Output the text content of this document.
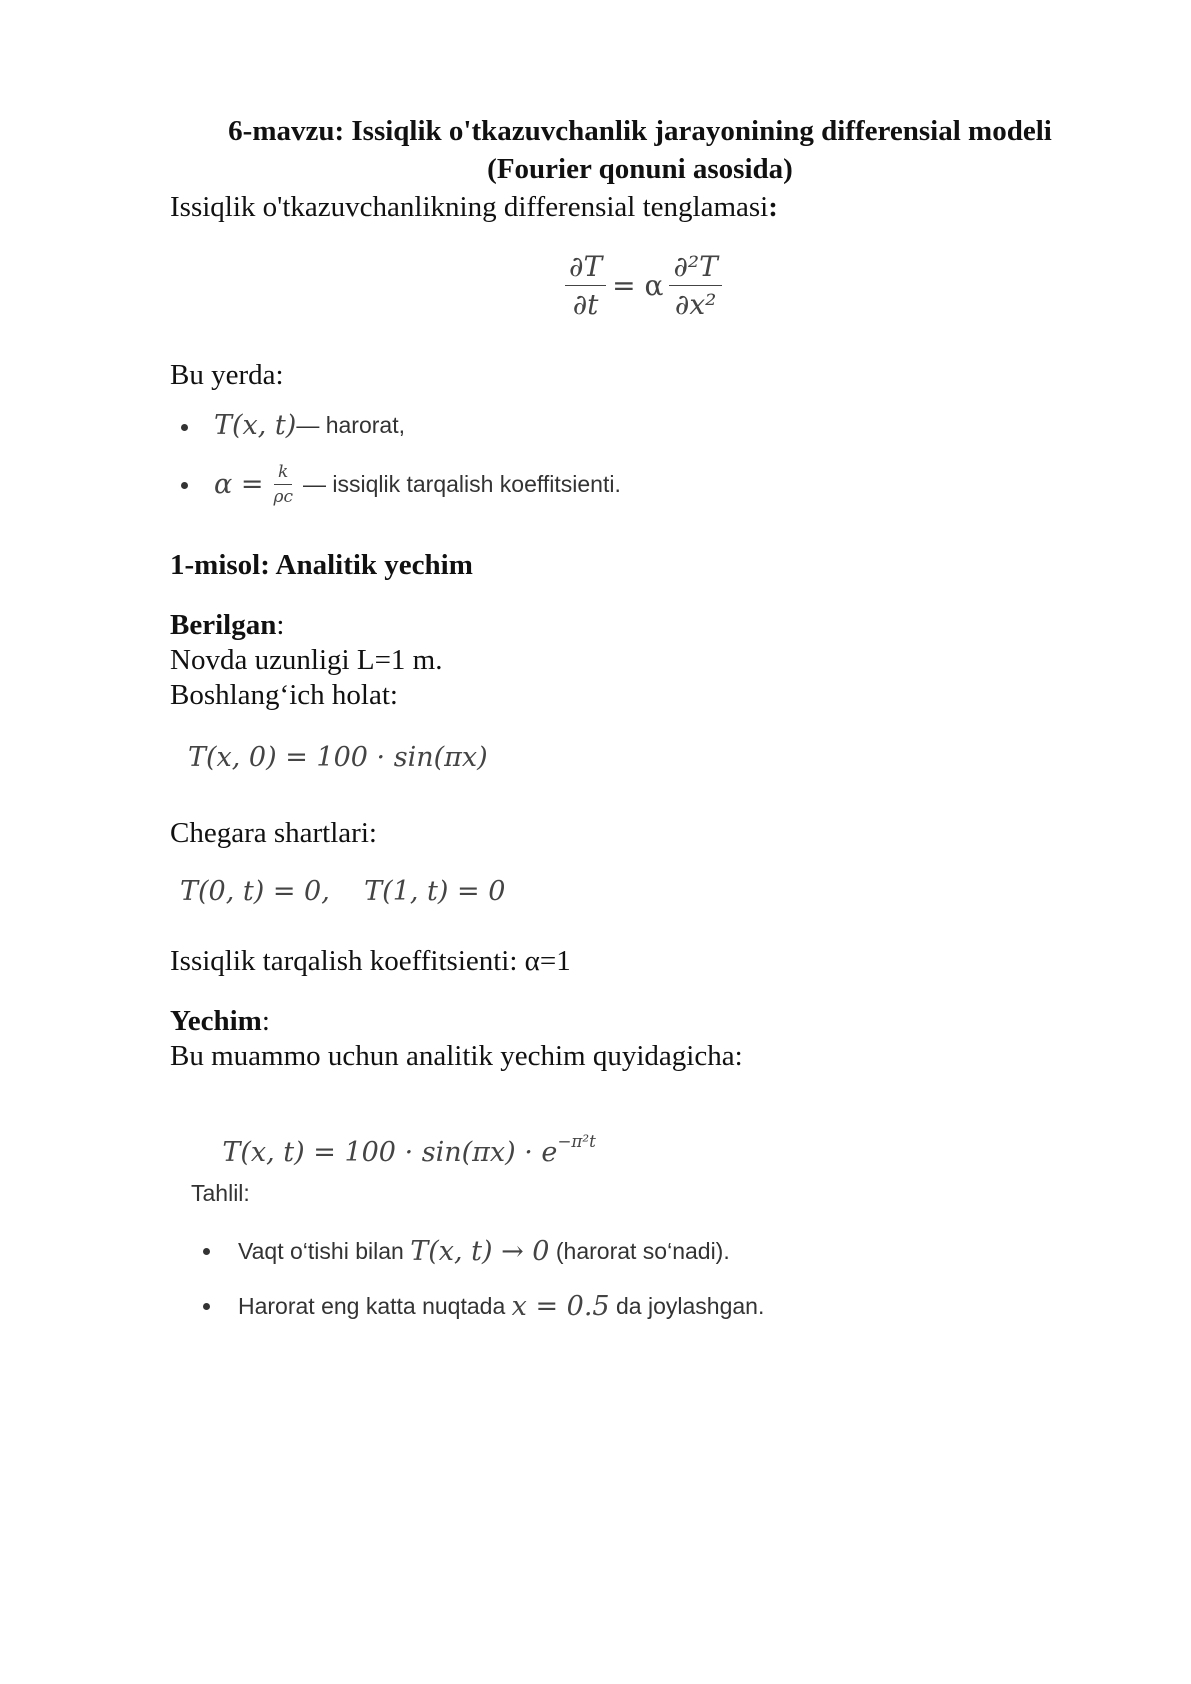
6-mavzu: Issiqlik o'tkazuvchanlik jarayonining differensial modeli
(Fourier qonuni asosida)
Issiqlik o'tkazuvchanlikning differensial tenglamasi:
$\frac{\partial T}{\partial t} = \alpha \frac{\text{∂²T}}{\text{∂x²}}$
Bu yerda:
T(x, t) — harorat,
$\alpha = \frac{k}{\rho c}$ — issiqlik tarqalish koeffitsienti.
1-misol: Analitik yechim
Berilgan:
Novda uzunligi L=1 m.
Boshlang‘ich holat:
T(x, 0) = 100 · sin(πx)
Chegara shartlari:
T(0, t) = 0,    T(1, t) = 0
Issiqlik tarqalish koeffitsienti: α=1
Yechim:
Bu muammo uchun analitik yechim quyidagicha:

T(x, $t) = 100 \cdot \sin(\pi x) \cdot e^{-\pi^2t}$

Tahlil:
Vaqt o‘tishi bilan T(x, t) → 0 (harorat so‘nadi).
Harorat eng katta nuqtada x = 0.5 da joylashgan.
